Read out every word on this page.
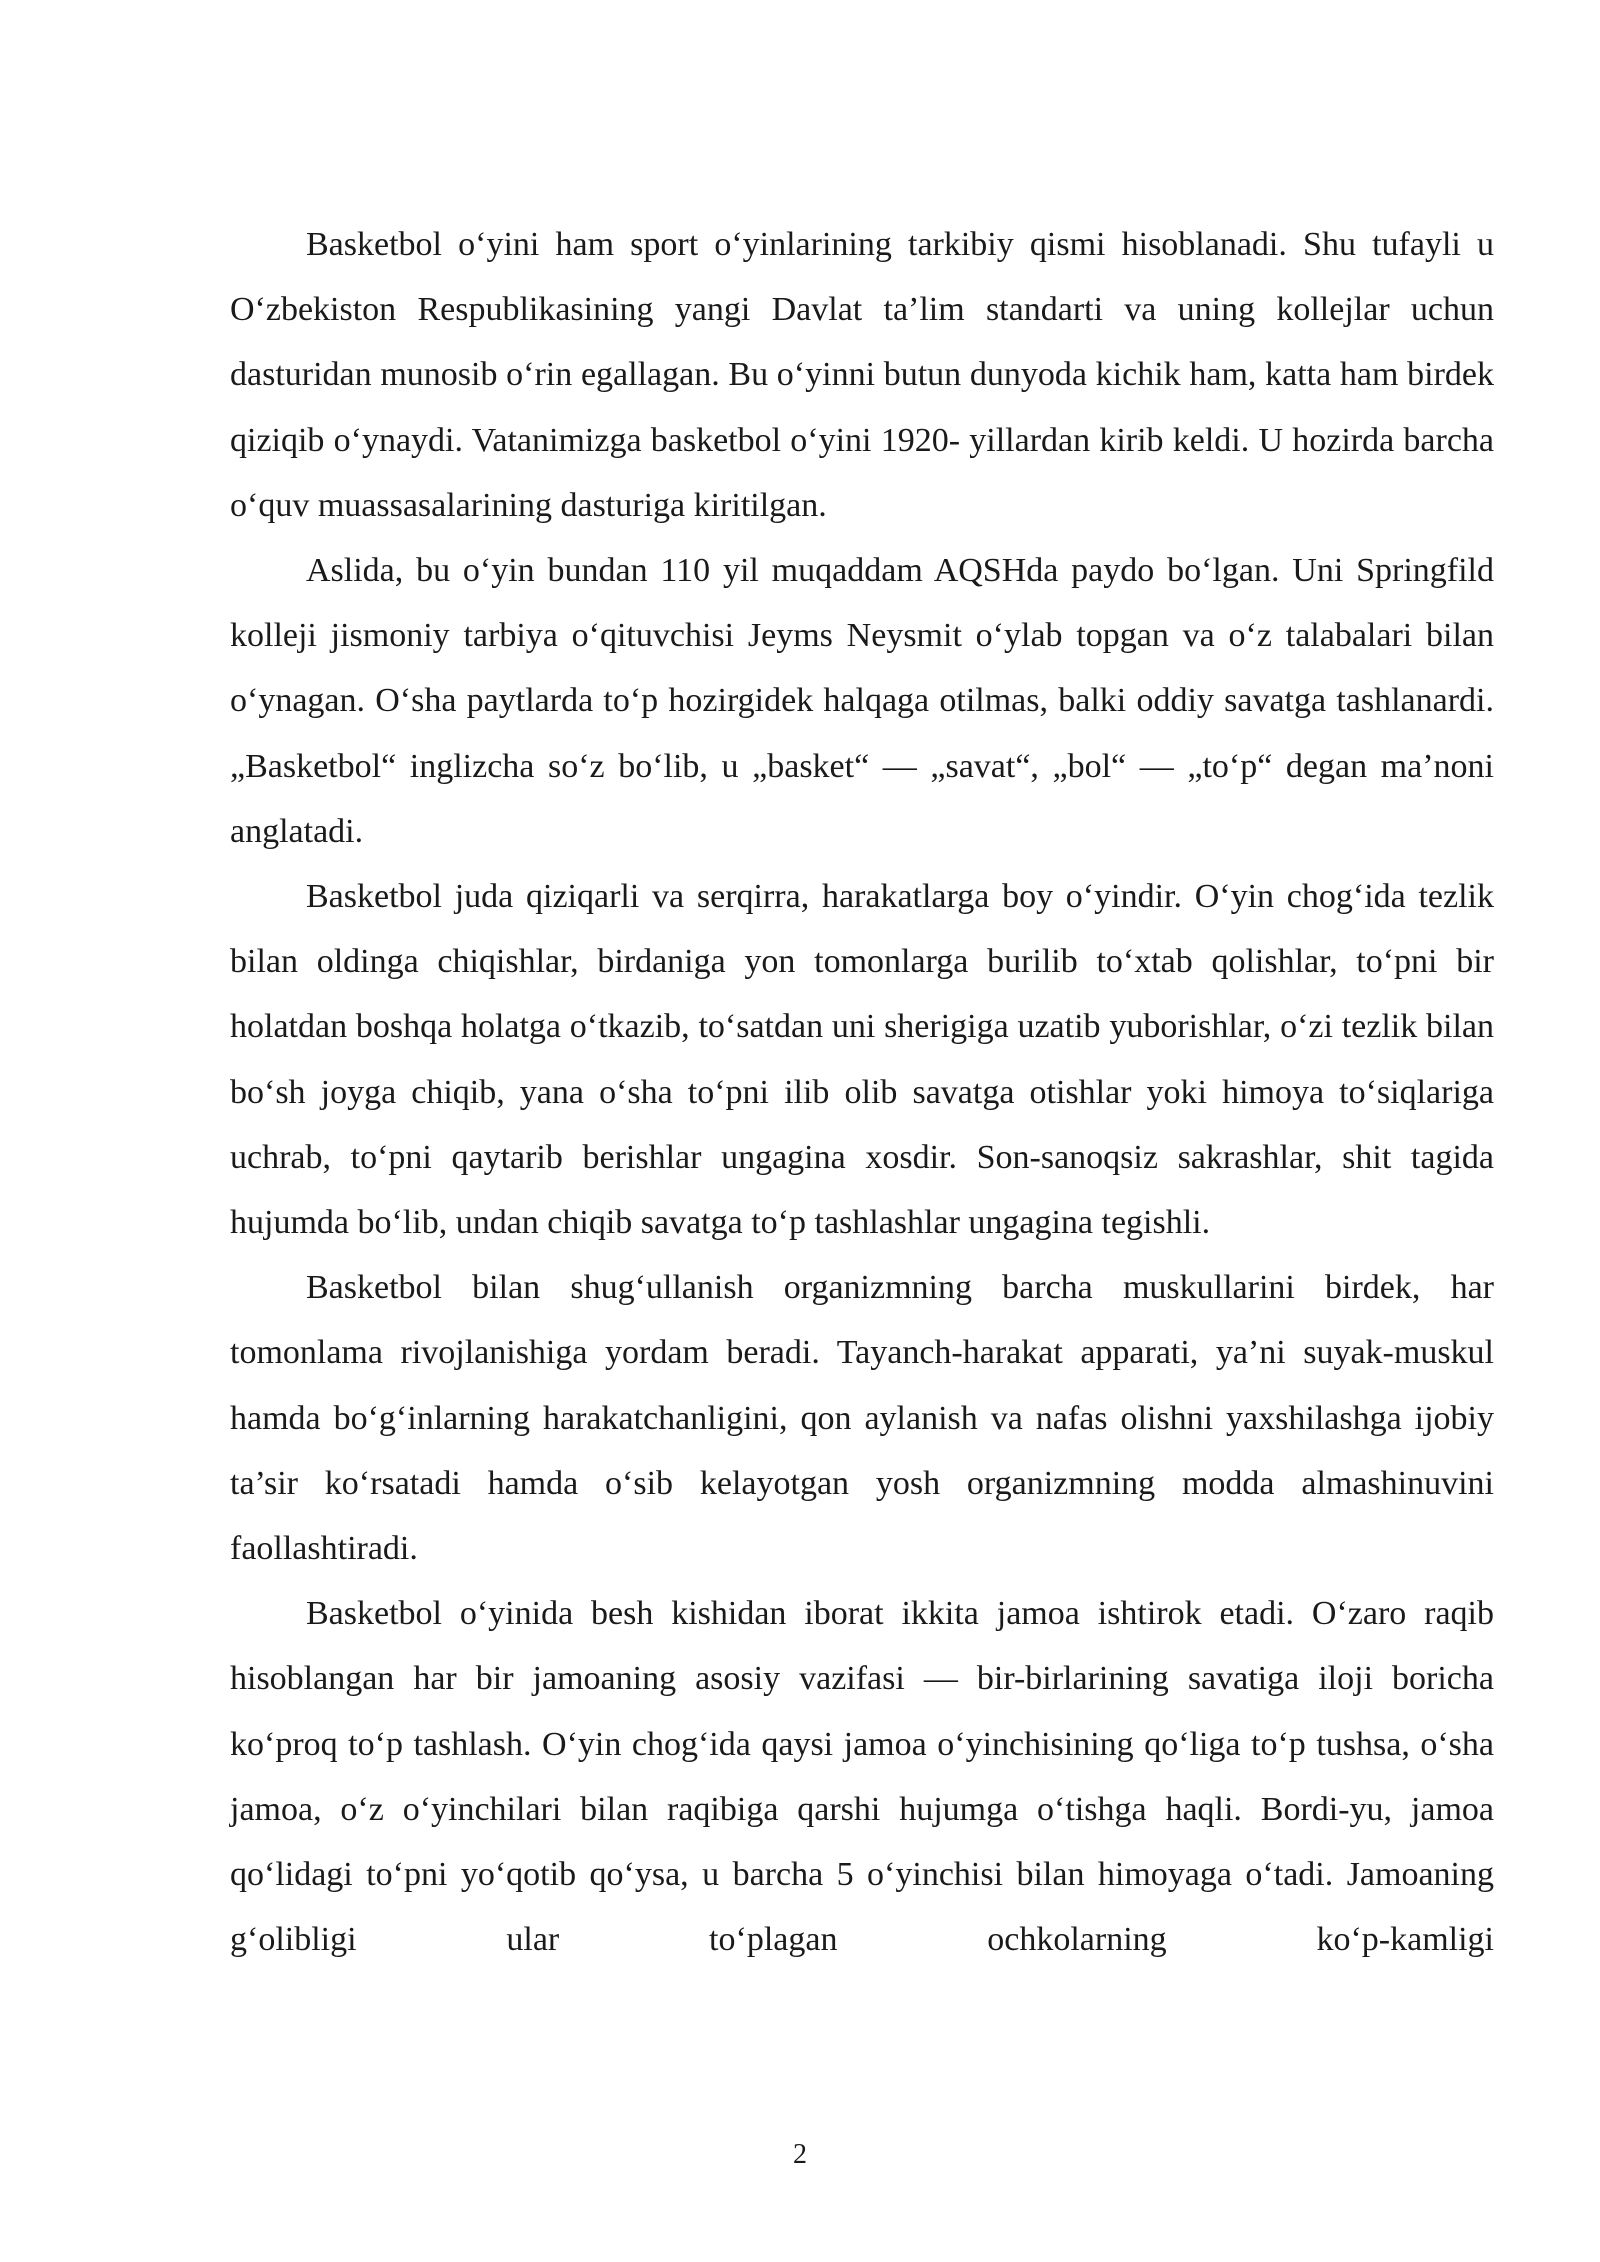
Basketbol o‘yini ham sport o‘yinlarining tarkibiy qismi hisoblanadi. Shu tufayli u O‘zbekiston Respublikasining yangi Davlat ta’lim standarti va uning kollejlar uchun dasturidan munosib o‘rin egallagan. Bu o‘yinni butun dunyoda kichik ham, katta ham birdek qiziqib o‘ynaydi. Vatanimizga basketbol o‘yini 1920- yillardan kirib keldi. U hozirda barcha o‘quv muassasalarining dasturiga kiritilgan.

Aslida, bu o‘yin bundan 110 yil muqaddam AQSHda paydo bo‘lgan. Uni Springfild kolleji jismoniy tarbiya o‘qituvchisi Jeyms Neysmit o‘ylab topgan va o‘z talabalari bilan o‘ynagan. O‘sha paytlarda to‘p hozirgidek halqaga otilmas, balki oddiy savatga tashlanardi. „Basketbol“ inglizcha so‘z bo‘lib, u „basket“ — „savat“, „bol“ — „to‘p“ degan ma’noni anglatadi.

Basketbol juda qiziqarli va serqirra, harakatlarga boy o‘yindir. O‘yin chog‘ida tezlik bilan oldinga chiqishlar, birdaniga yon tomonlarga burilib to‘xtab qolishlar, to‘pni bir holatdan boshqa holatga o‘tkazib, to‘satdan uni sherigiga uzatib yuborishlar, o‘zi tezlik bilan bo‘sh joyga chiqib, yana o‘sha to‘pni ilib olib savatga otishlar yoki himoya to‘siqlariga uchrab, to‘pni qaytarib berishlar ungagina xosdir. Son-sanoqsiz sakrashlar, shit tagida hujumda bo‘lib, undan chiqib savatga to‘p tashlashlar ungagina tegishli.

Basketbol bilan shug‘ullanish organizmning barcha muskullarini birdek, har tomonlama rivojlanishiga yordam beradi. Tayanch-harakat apparati, ya’ni suyak-muskul hamda bo‘g‘inlarning harakatchanligini, qon aylanish va nafas olishni yaxshilashga ijobiy ta’sir ko‘rsatadi hamda o‘sib kelayotgan yosh organizmning modda almashinuvini faollashtiradi.

Basketbol o‘yinida besh kishidan iborat ikkita jamoa ishtirok etadi. O‘zaro raqib hisoblangan har bir jamoaning asosiy vazifasi — bir-birlarining savatiga iloji boricha ko‘proq to‘p tashlash. O‘yin chog‘ida qaysi jamoa o‘yinchisining qo‘liga to‘p tushsa, o‘sha jamoa, o‘z o‘yinchilari bilan raqibiga qarshi hujumga o‘tishga haqli. Bordi-yu, jamoa qo‘lidagi to‘pni yo‘qotib qo‘ysa, u barcha 5 o‘yinchisi bilan himoyaga o‘tadi. Jamoaning g‘olibligi ular to‘plagan ochkolarning ko‘p-kamligi

2
